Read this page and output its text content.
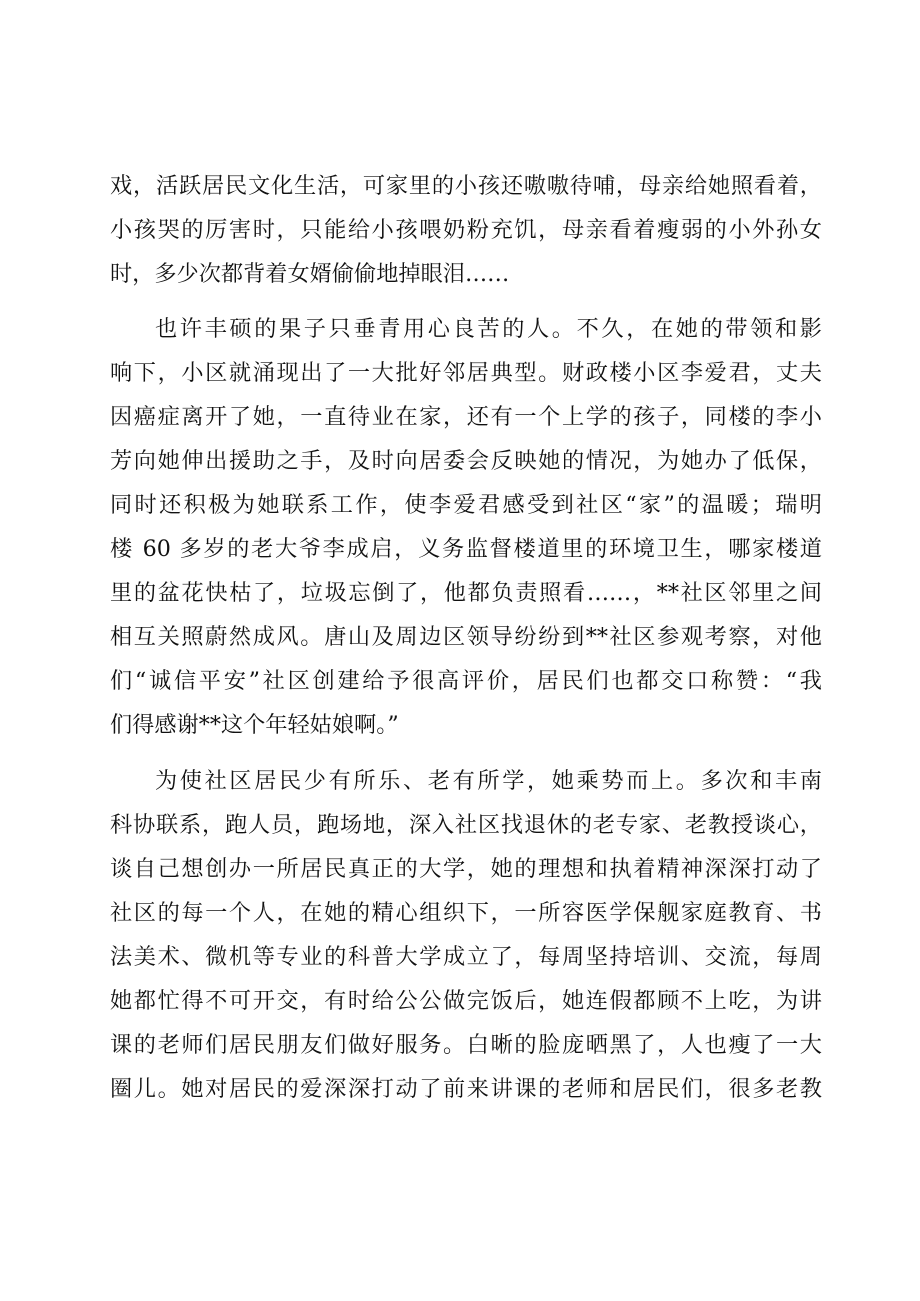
戏，活跃居民文化生活，可家里的小孩还嗷嗷待哺，母亲给她照看着，
小孩哭的厉害时，只能给小孩喂奶粉充饥，母亲看着瘦弱的小外孙女
时，多少次都背着女婿偷偷地掉眼泪……
也许丰硕的果子只垂青用心良苦的人。不久，在她的带领和影
响下，小区就涌现出了一大批好邻居典型。财政楼小区李爱君，丈夫
因癌症离开了她，一直待业在家，还有一个上学的孩子，同楼的李小
芳向她伸出援助之手，及时向居委会反映她的情况，为她办了低保，
同时还积极为她联系工作，使李爱君感受到社区“家”的温暖；瑞明
楼 60 多岁的老大爷李成启，义务监督楼道里的环境卫生，哪家楼道
里的盆花快枯了，垃圾忘倒了，他都负责照看……，**社区邻里之间
相互关照蔚然成风。唐山及周边区领导纷纷到**社区参观考察，对他
们“诚信平安”社区创建给予很高评价，居民们也都交口称赞：“我
们得感谢**这个年轻姑娘啊。”
为使社区居民少有所乐、老有所学，她乘势而上。多次和丰南
科协联系，跑人员，跑场地，深入社区找退休的老专家、老教授谈心，
谈自己想创办一所居民真正的大学，她的理想和执着精神深深打动了
社区的每一个人，在她的精心组织下，一所容医学保舰家庭教育、书
法美术、微机等专业的科普大学成立了，每周坚持培训、交流，每周
她都忙得不可开交，有时给公公做完饭后，她连假都顾不上吃，为讲
课的老师们居民朋友们做好服务。白晰的脸庞晒黑了，人也瘦了一大
圈儿。她对居民的爱深深打动了前来讲课的老师和居民们，很多老教
